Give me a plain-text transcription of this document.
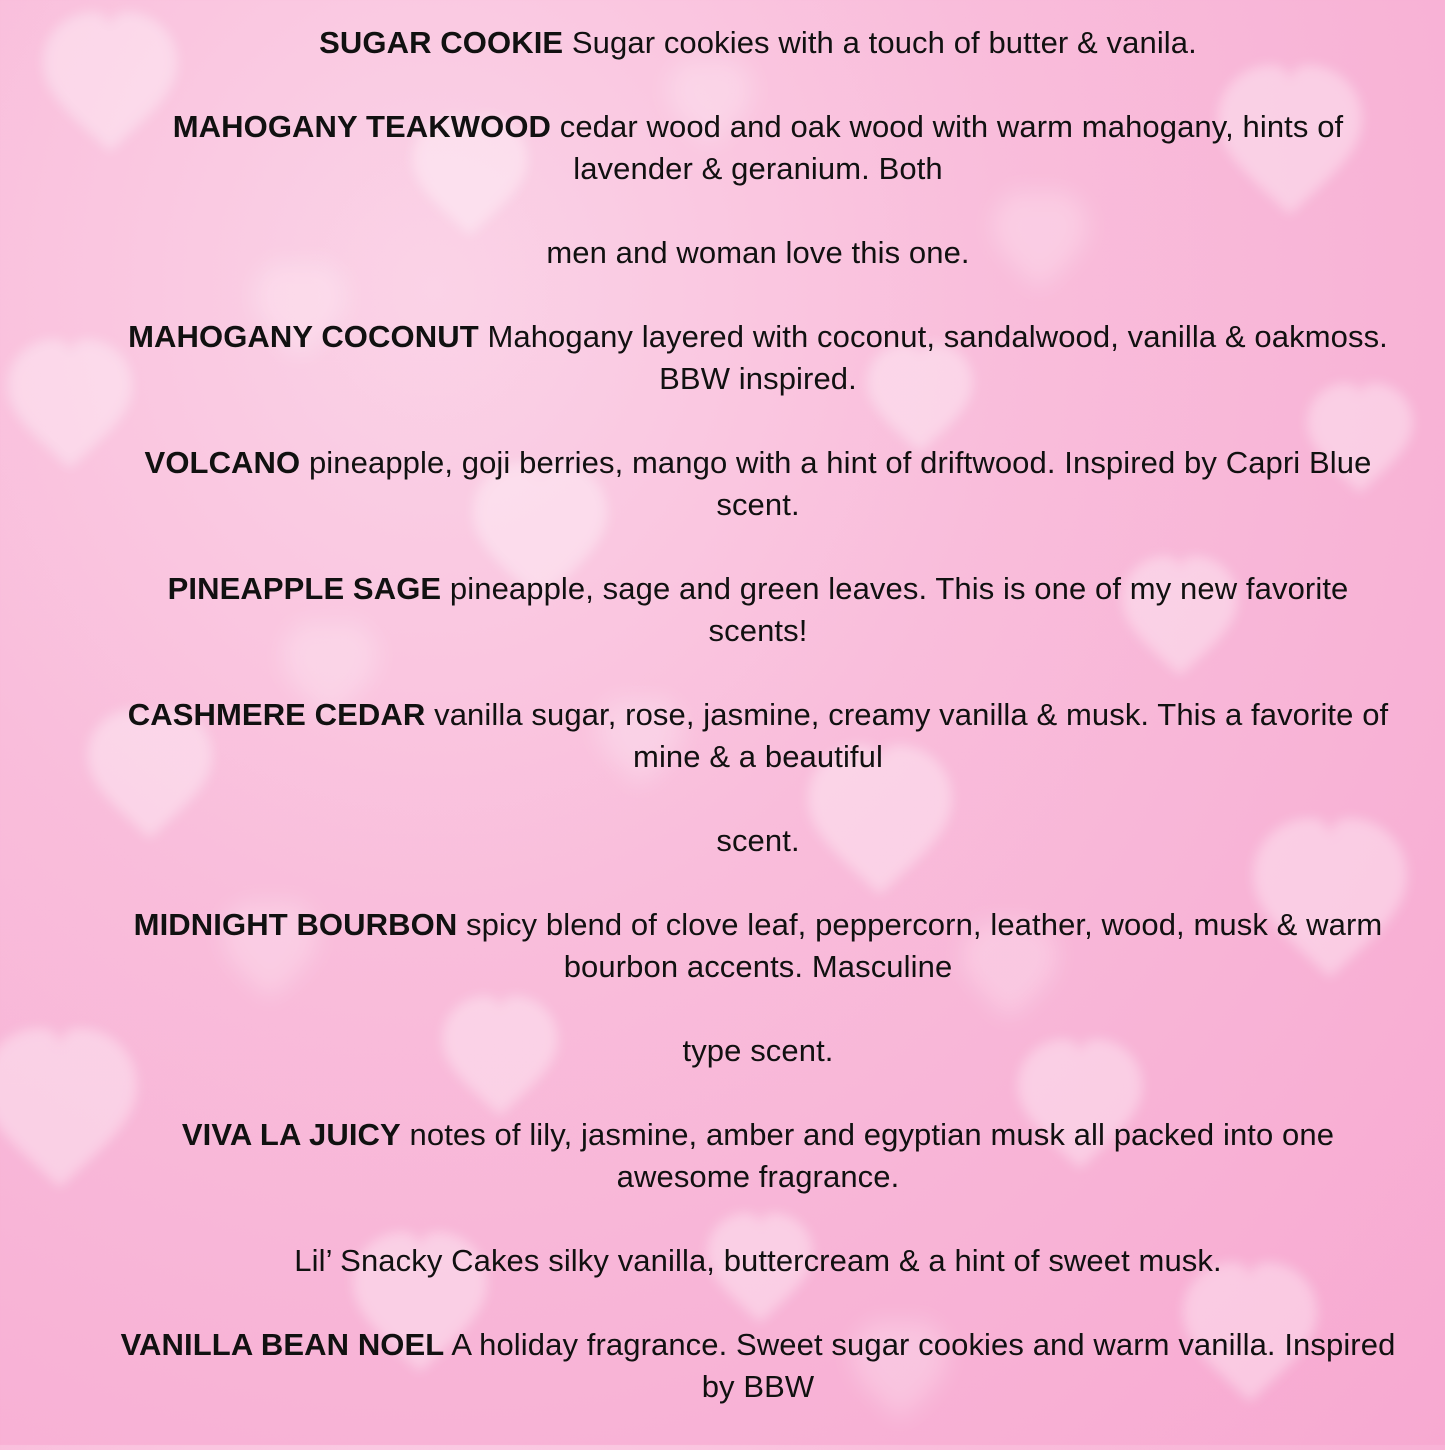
SUGAR COOKIE Sugar cookies with a touch of butter & vanila.

MAHOGANY TEAKWOOD cedar wood and oak wood with warm mahogany, hints of lavender & geranium. Both

men and woman love this one.

MAHOGANY COCONUT Mahogany layered with coconut, sandalwood, vanilla & oakmoss. BBW inspired.

VOLCANO pineapple, goji berries, mango with a hint of driftwood. Inspired by Capri Blue scent.

PINEAPPLE SAGE pineapple, sage and green leaves. This is one of my new favorite scents!

CASHMERE CEDAR vanilla sugar, rose, jasmine, creamy vanilla & musk. This a favorite of mine & a beautiful

scent.

MIDNIGHT BOURBON spicy blend of clove leaf, peppercorn, leather, wood, musk & warm bourbon accents. Masculine

type scent.

VIVA LA JUICY notes of lily, jasmine, amber and egyptian musk all packed into one awesome fragrance.

Lil’ Snacky Cakes silky vanilla, buttercream & a hint of sweet musk.

VANILLA BEAN NOEL A holiday fragrance. Sweet sugar cookies and warm vanilla. Inspired by BBW
